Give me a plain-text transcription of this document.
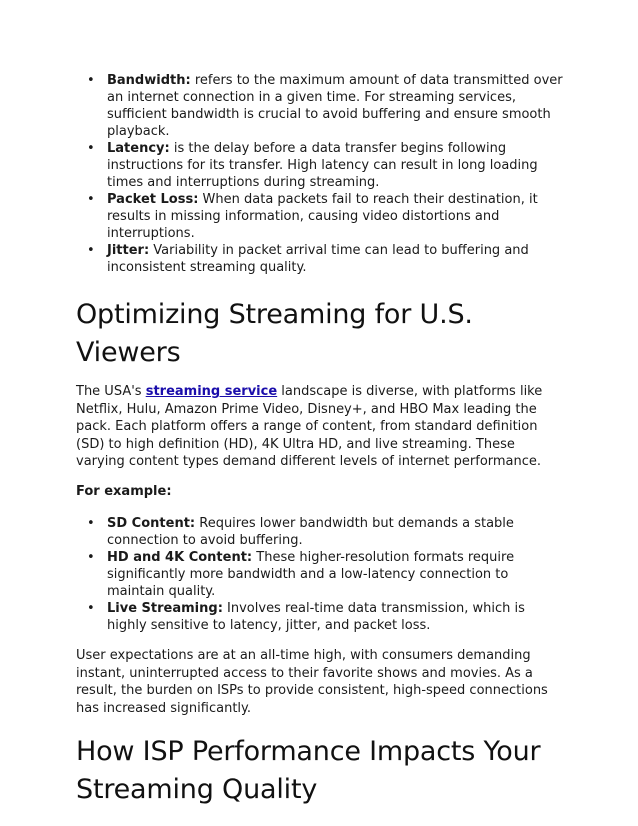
• Bandwidth: refers to the maximum amount of data transmitted over an internet connection in a given time. For streaming services, sufficient bandwidth is crucial to avoid buffering and ensure smooth playback.
• Latency: is the delay before a data transfer begins following instructions for its transfer. High latency can result in long loading times and interruptions during streaming.
• Packet Loss: When data packets fail to reach their destination, it results in missing information, causing video distortions and interruptions.
• Jitter: Variability in packet arrival time can lead to buffering and inconsistent streaming quality.
Optimizing Streaming for U.S. Viewers

The USA's streaming service landscape is diverse, with platforms like Netflix, Hulu, Amazon Prime Video, Disney+, and HBO Max leading the pack. Each platform offers a range of content, from standard definition (SD) to high definition (HD), 4K Ultra HD, and live streaming. These varying content types demand different levels of internet performance.

For example:

• SD Content: Requires lower bandwidth but demands a stable connection to avoid buffering.
• HD and 4K Content: These higher-resolution formats require significantly more bandwidth and a low-latency connection to maintain quality.
• Live Streaming: Involves real-time data transmission, which is highly sensitive to latency, jitter, and packet loss.

User expectations are at an all-time high, with consumers demanding instant, uninterrupted access to their favorite shows and movies. As a result, the burden on ISPs to provide consistent, high-speed connections has increased significantly.

How ISP Performance Impacts Your Streaming Quality
